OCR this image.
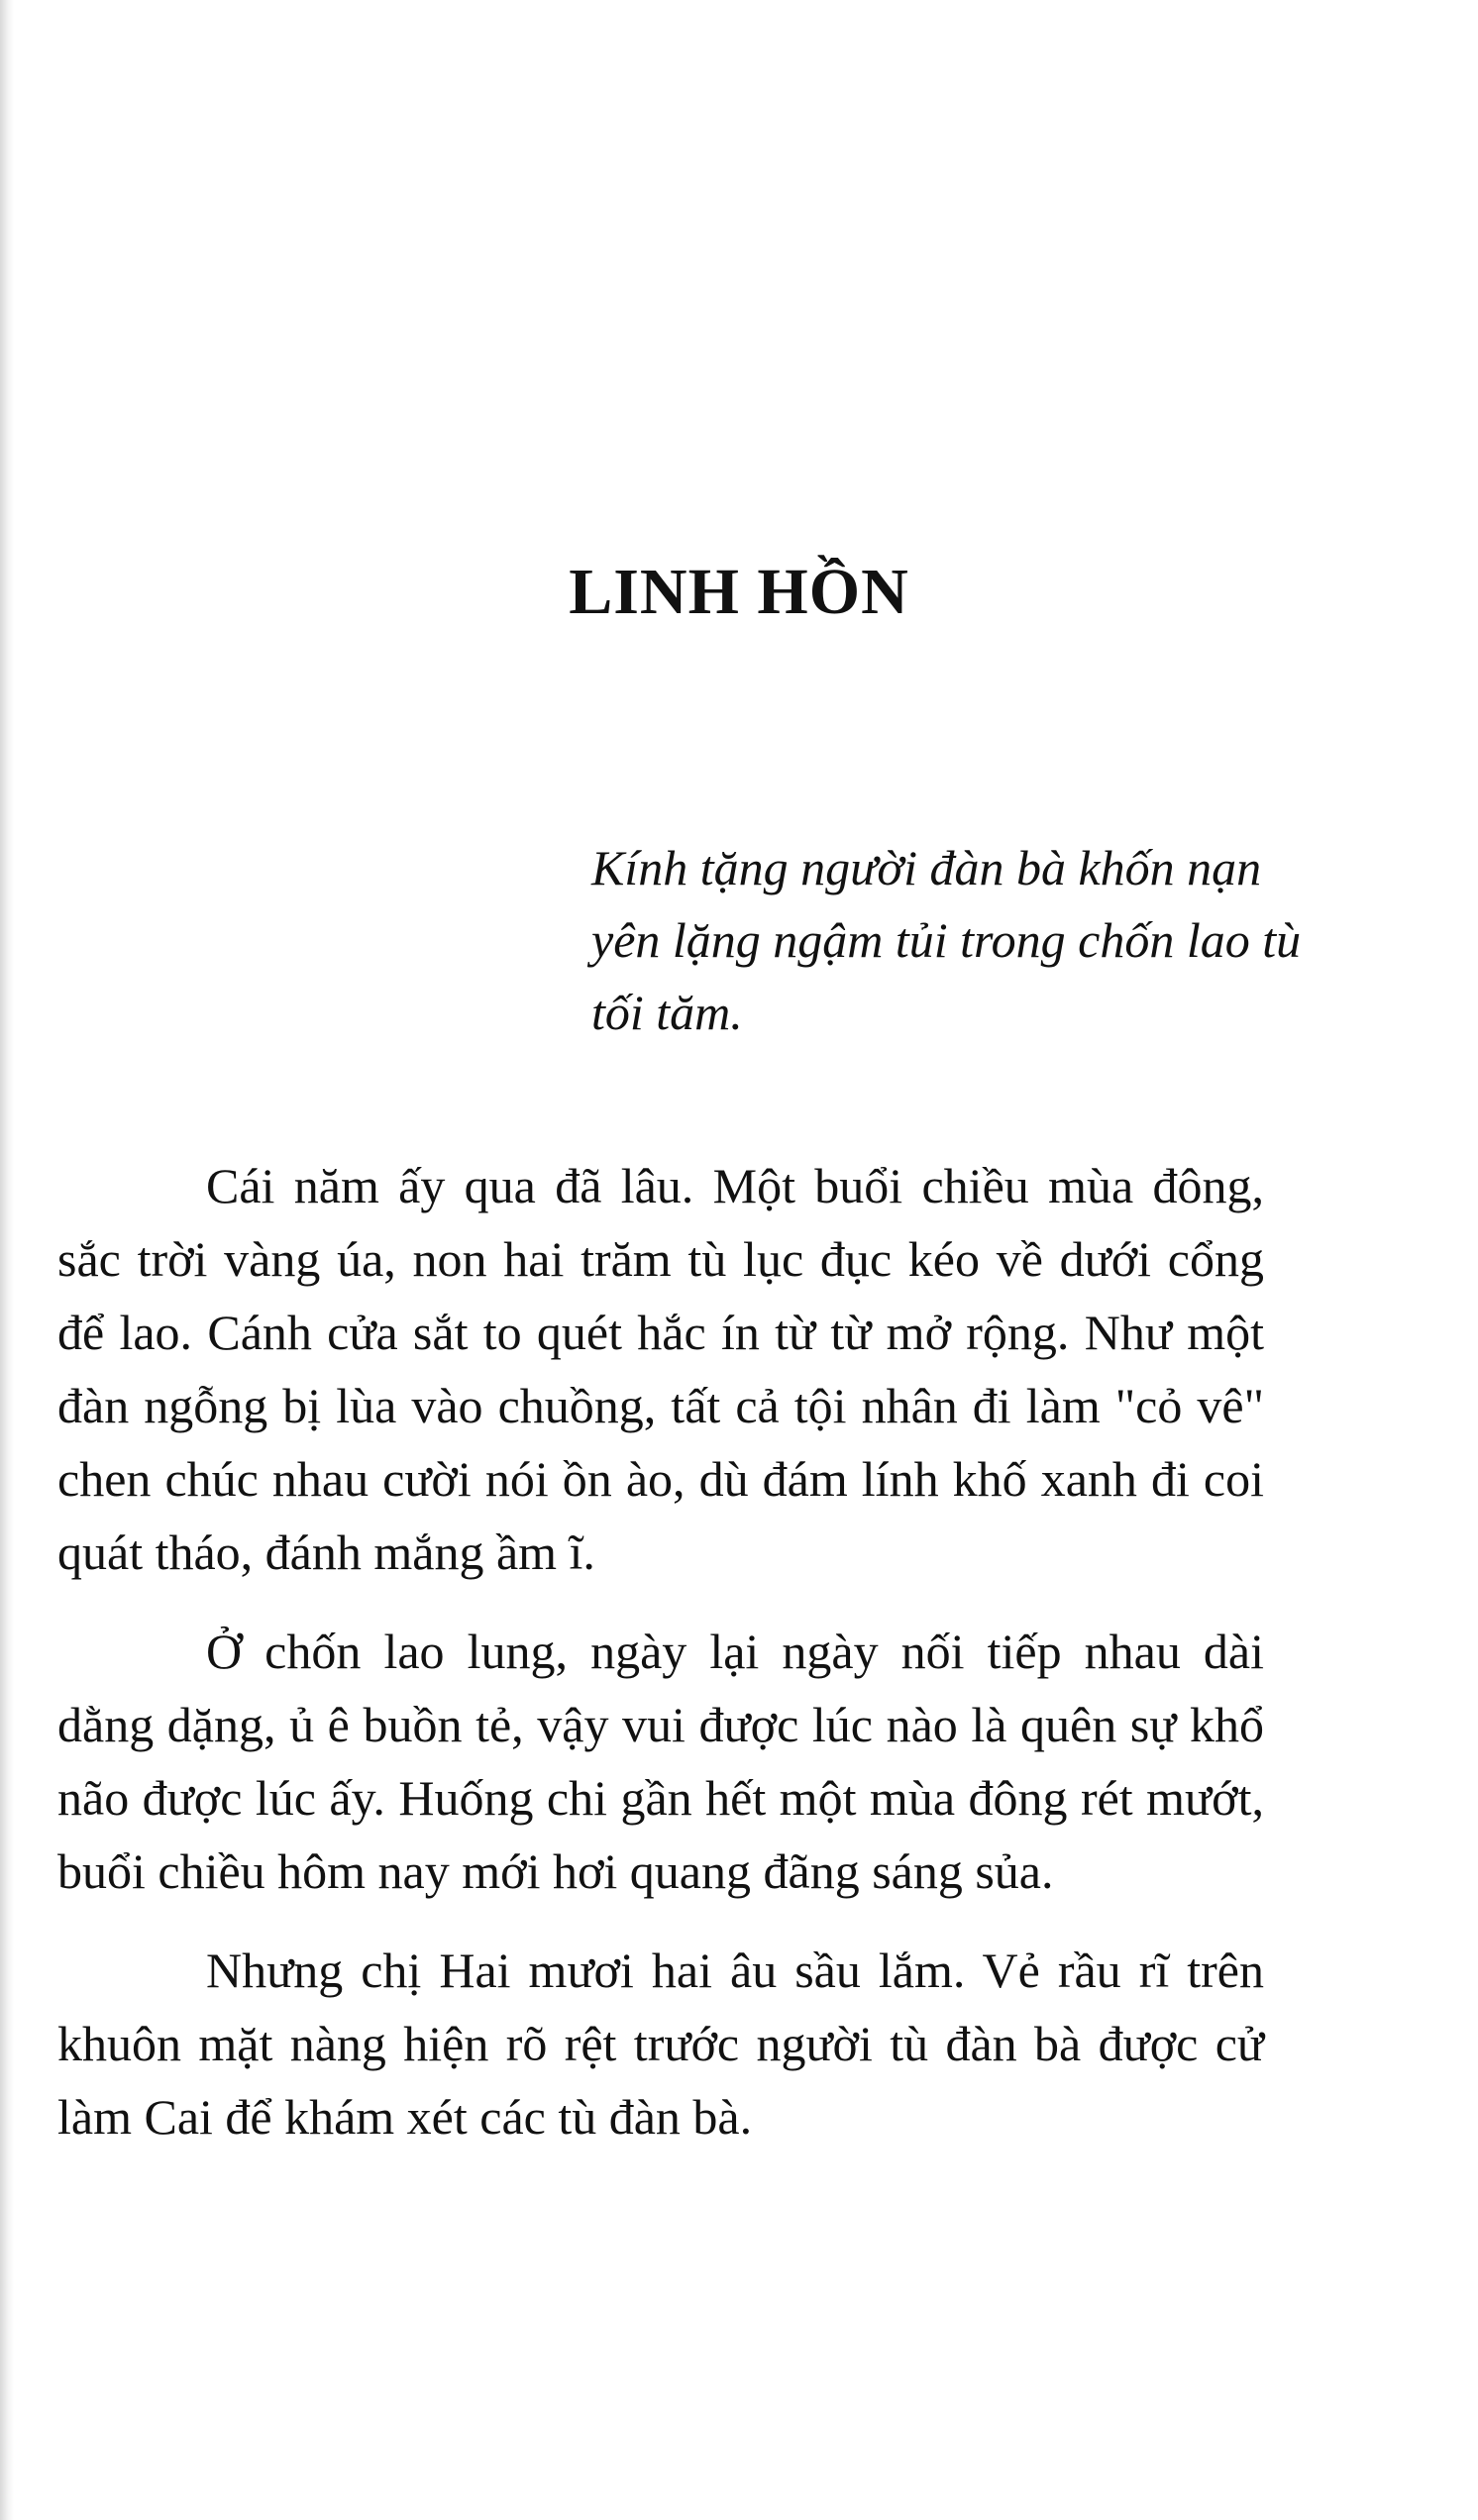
LINH HỒN

Kính tặng người đàn bà khốn nạn yên lặng ngậm tủi trong chốn lao tù tối tăm.

Cái năm ấy qua đã lâu. Một buổi chiều mùa đông, sắc trời vàng úa, non hai trăm tù lục đục kéo về dưới cổng để lao. Cánh cửa sắt to quét hắc ín từ từ mở rộng. Như một đàn ngỗng bị lùa vào chuồng, tất cả tội nhân đi làm "cỏ vê" chen chúc nhau cười nói ồn ào, dù đám lính khố xanh đi coi quát tháo, đánh mắng ầm ĩ.

Ở chốn lao lung, ngày lại ngày nối tiếp nhau dài dằng dặng, ủ ê buồn tẻ, vậy vui được lúc nào là quên sự khổ não được lúc ấy. Huống chi gần hết một mùa đông rét mướt, buổi chiều hôm nay mới hơi quang đãng sáng sủa.

Nhưng chị Hai mươi hai âu sầu lắm. Vẻ rầu rĩ trên khuôn mặt nàng hiện rõ rệt trước người tù đàn bà được cử làm Cai để khám xét các tù đàn bà.
